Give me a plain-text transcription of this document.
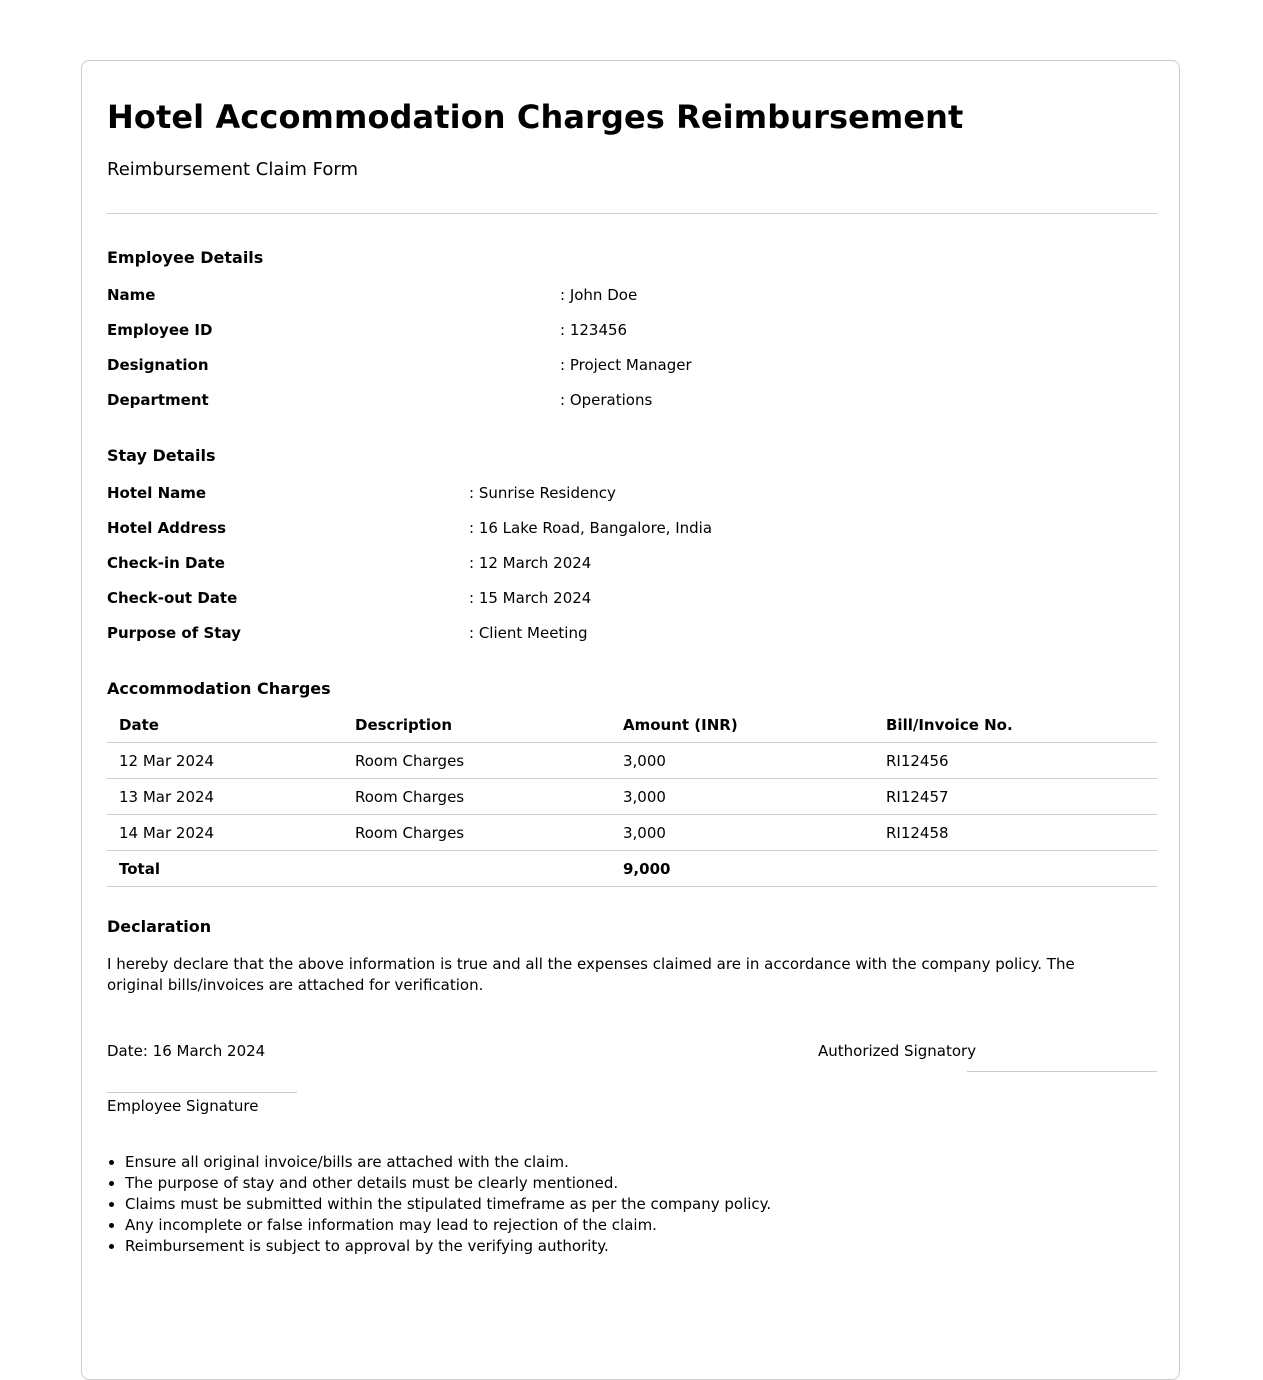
Hotel Accommodation Charges Reimbursement
Reimbursement Claim Form
Employee Details
Name	: John Doe
Employee ID	: 123456
Designation	: Project Manager
Department	: Operations
Stay Details
Hotel Name	: Sunrise Residency
Hotel Address	: 16 Lake Road, Bangalore, India
Check-in Date	: 12 March 2024
Check-out Date	: 15 March 2024
Purpose of Stay	: Client Meeting
Accommodation Charges
Date	Description	Amount (INR)	Bill/Invoice No.
12 Mar 2024	Room Charges	3,000	RI12456
13 Mar 2024	Room Charges	3,000	RI12457
14 Mar 2024	Room Charges	3,000	RI12458
Total		9,000	
Declaration
I hereby declare that the above information is true and all the expenses claimed are in accordance with the company policy. The original bills/invoices are attached for verification.
Date: 16 March 2024	Authorized Signatory
Employee Signature
• Ensure all original invoice/bills are attached with the claim.
• The purpose of stay and other details must be clearly mentioned.
• Claims must be submitted within the stipulated timeframe as per the company policy.
• Any incomplete or false information may lead to rejection of the claim.
• Reimbursement is subject to approval by the verifying authority.
